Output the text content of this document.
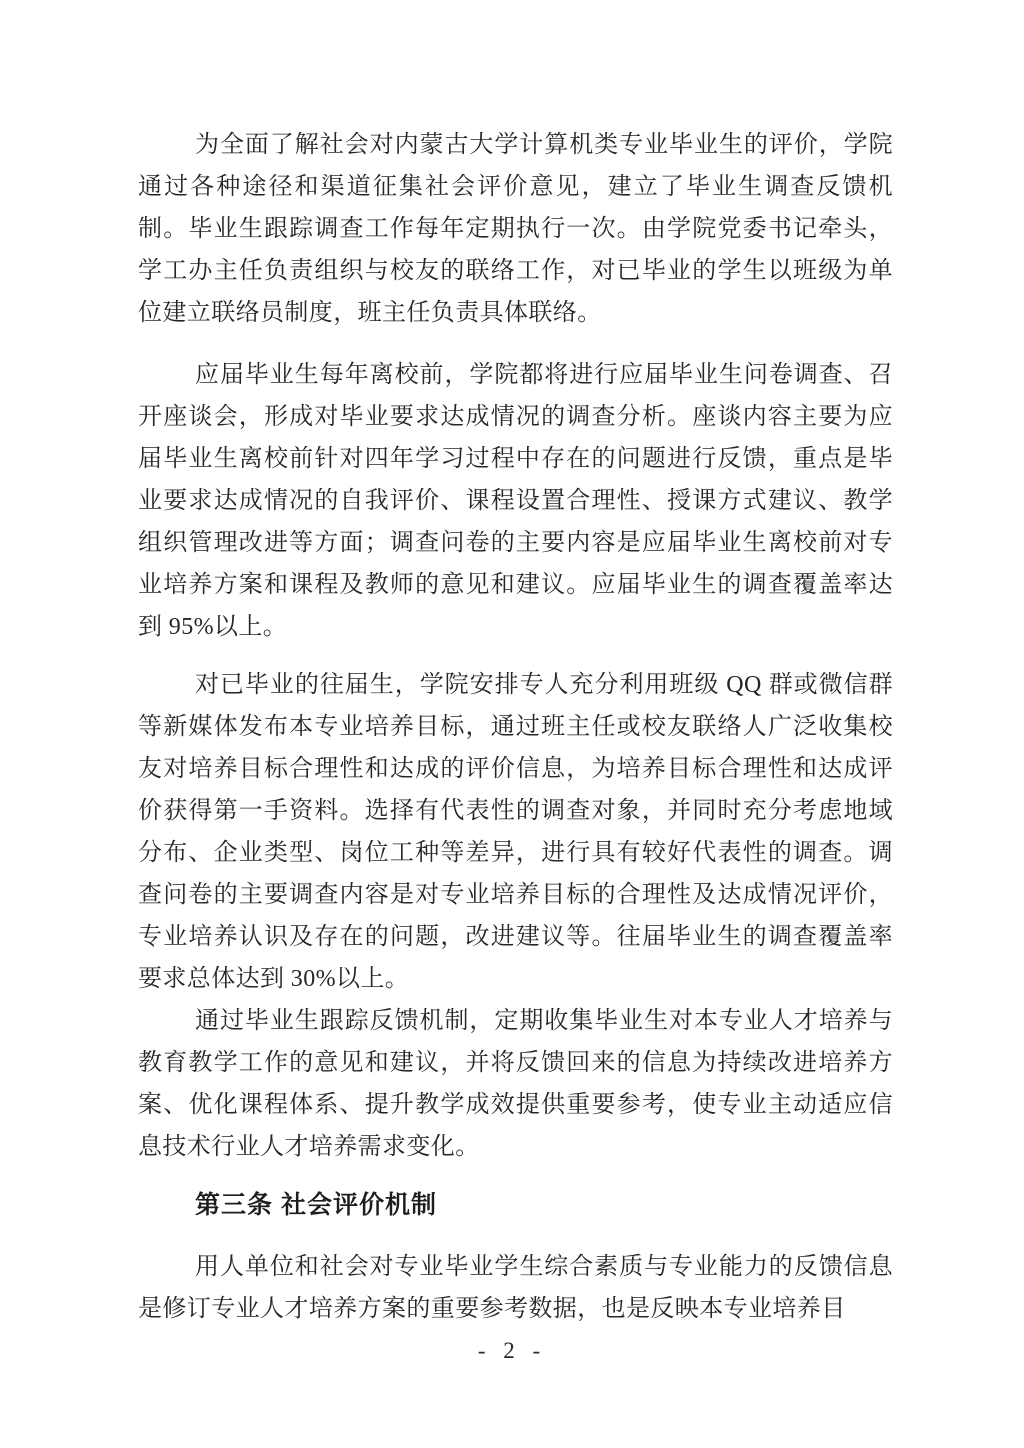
为全面了解社会对内蒙古大学计算机类专业毕业生的评价，学院通过各种途径和渠道征集社会评价意见，建立了毕业生调查反馈机制。毕业生跟踪调查工作每年定期执行一次。由学院党委书记牵头，学工办主任负责组织与校友的联络工作，对已毕业的学生以班级为单位建立联络员制度，班主任负责具体联络。

应届毕业生每年离校前，学院都将进行应届毕业生问卷调查、召开座谈会，形成对毕业要求达成情况的调查分析。座谈内容主要为应届毕业生离校前针对四年学习过程中存在的问题进行反馈，重点是毕业要求达成情况的自我评价、课程设置合理性、授课方式建议、教学组织管理改进等方面；调查问卷的主要内容是应届毕业生离校前对专业培养方案和课程及教师的意见和建议。应届毕业生的调查覆盖率达到 95%以上。

对已毕业的往届生，学院安排专人充分利用班级 QQ 群或微信群等新媒体发布本专业培养目标，通过班主任或校友联络人广泛收集校友对培养目标合理性和达成的评价信息，为培养目标合理性和达成评价获得第一手资料。选择有代表性的调查对象，并同时充分考虑地域分布、企业类型、岗位工种等差异，进行具有较好代表性的调查。调查问卷的主要调查内容是对专业培养目标的合理性及达成情况评价，专业培养认识及存在的问题，改进建议等。往届毕业生的调查覆盖率要求总体达到 30%以上。

通过毕业生跟踪反馈机制，定期收集毕业生对本专业人才培养与教育教学工作的意见和建议，并将反馈回来的信息为持续改进培养方案、优化课程体系、提升教学成效提供重要参考，使专业主动适应信息技术行业人才培养需求变化。

第三条 社会评价机制

用人单位和社会对专业毕业学生综合素质与专业能力的反馈信息是修订专业人才培养方案的重要参考数据，也是反映本专业培养目

- 2 -
